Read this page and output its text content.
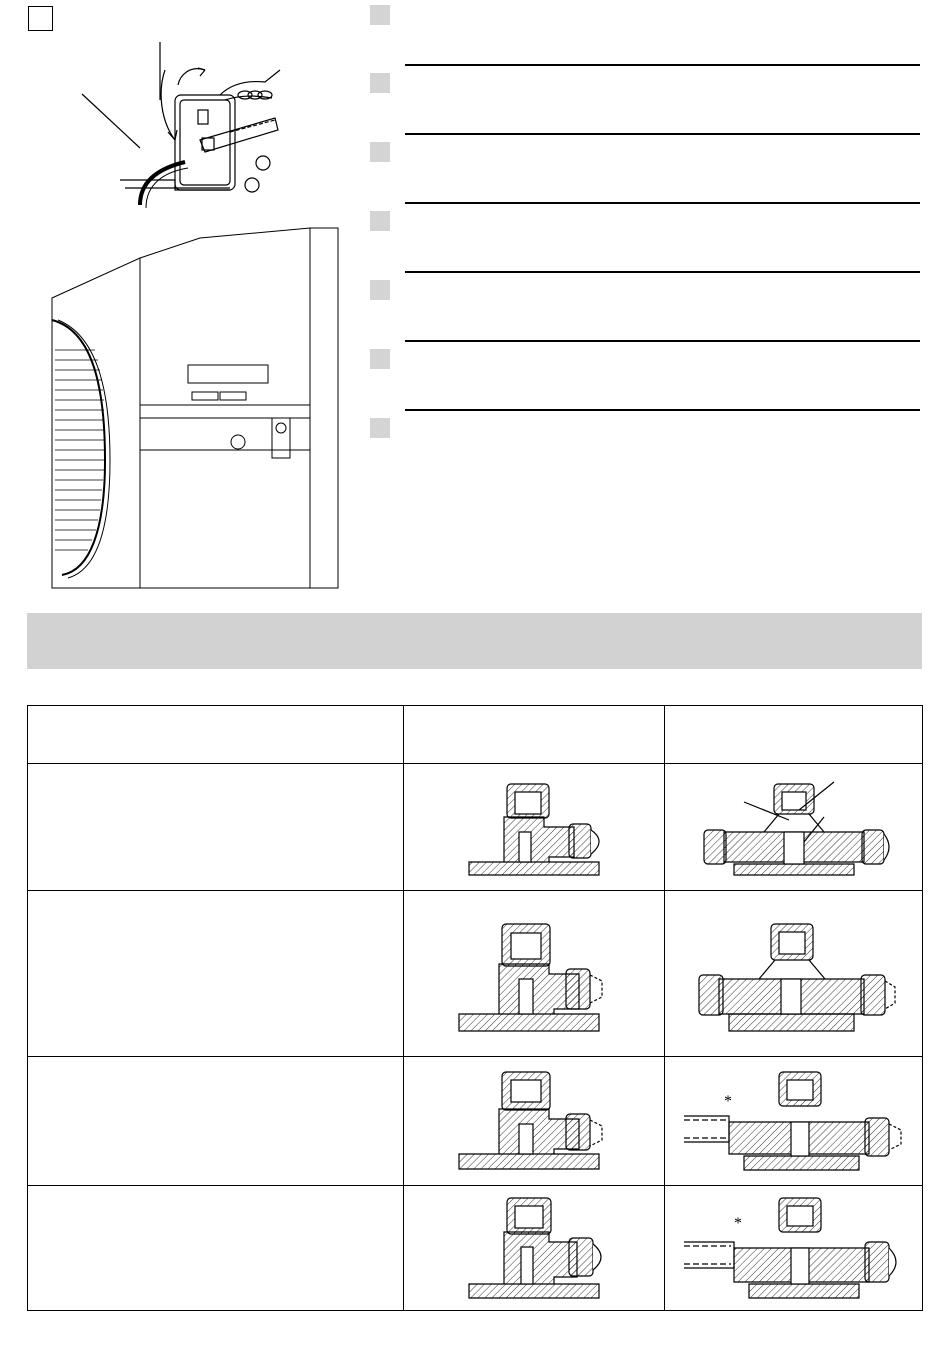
*

*
